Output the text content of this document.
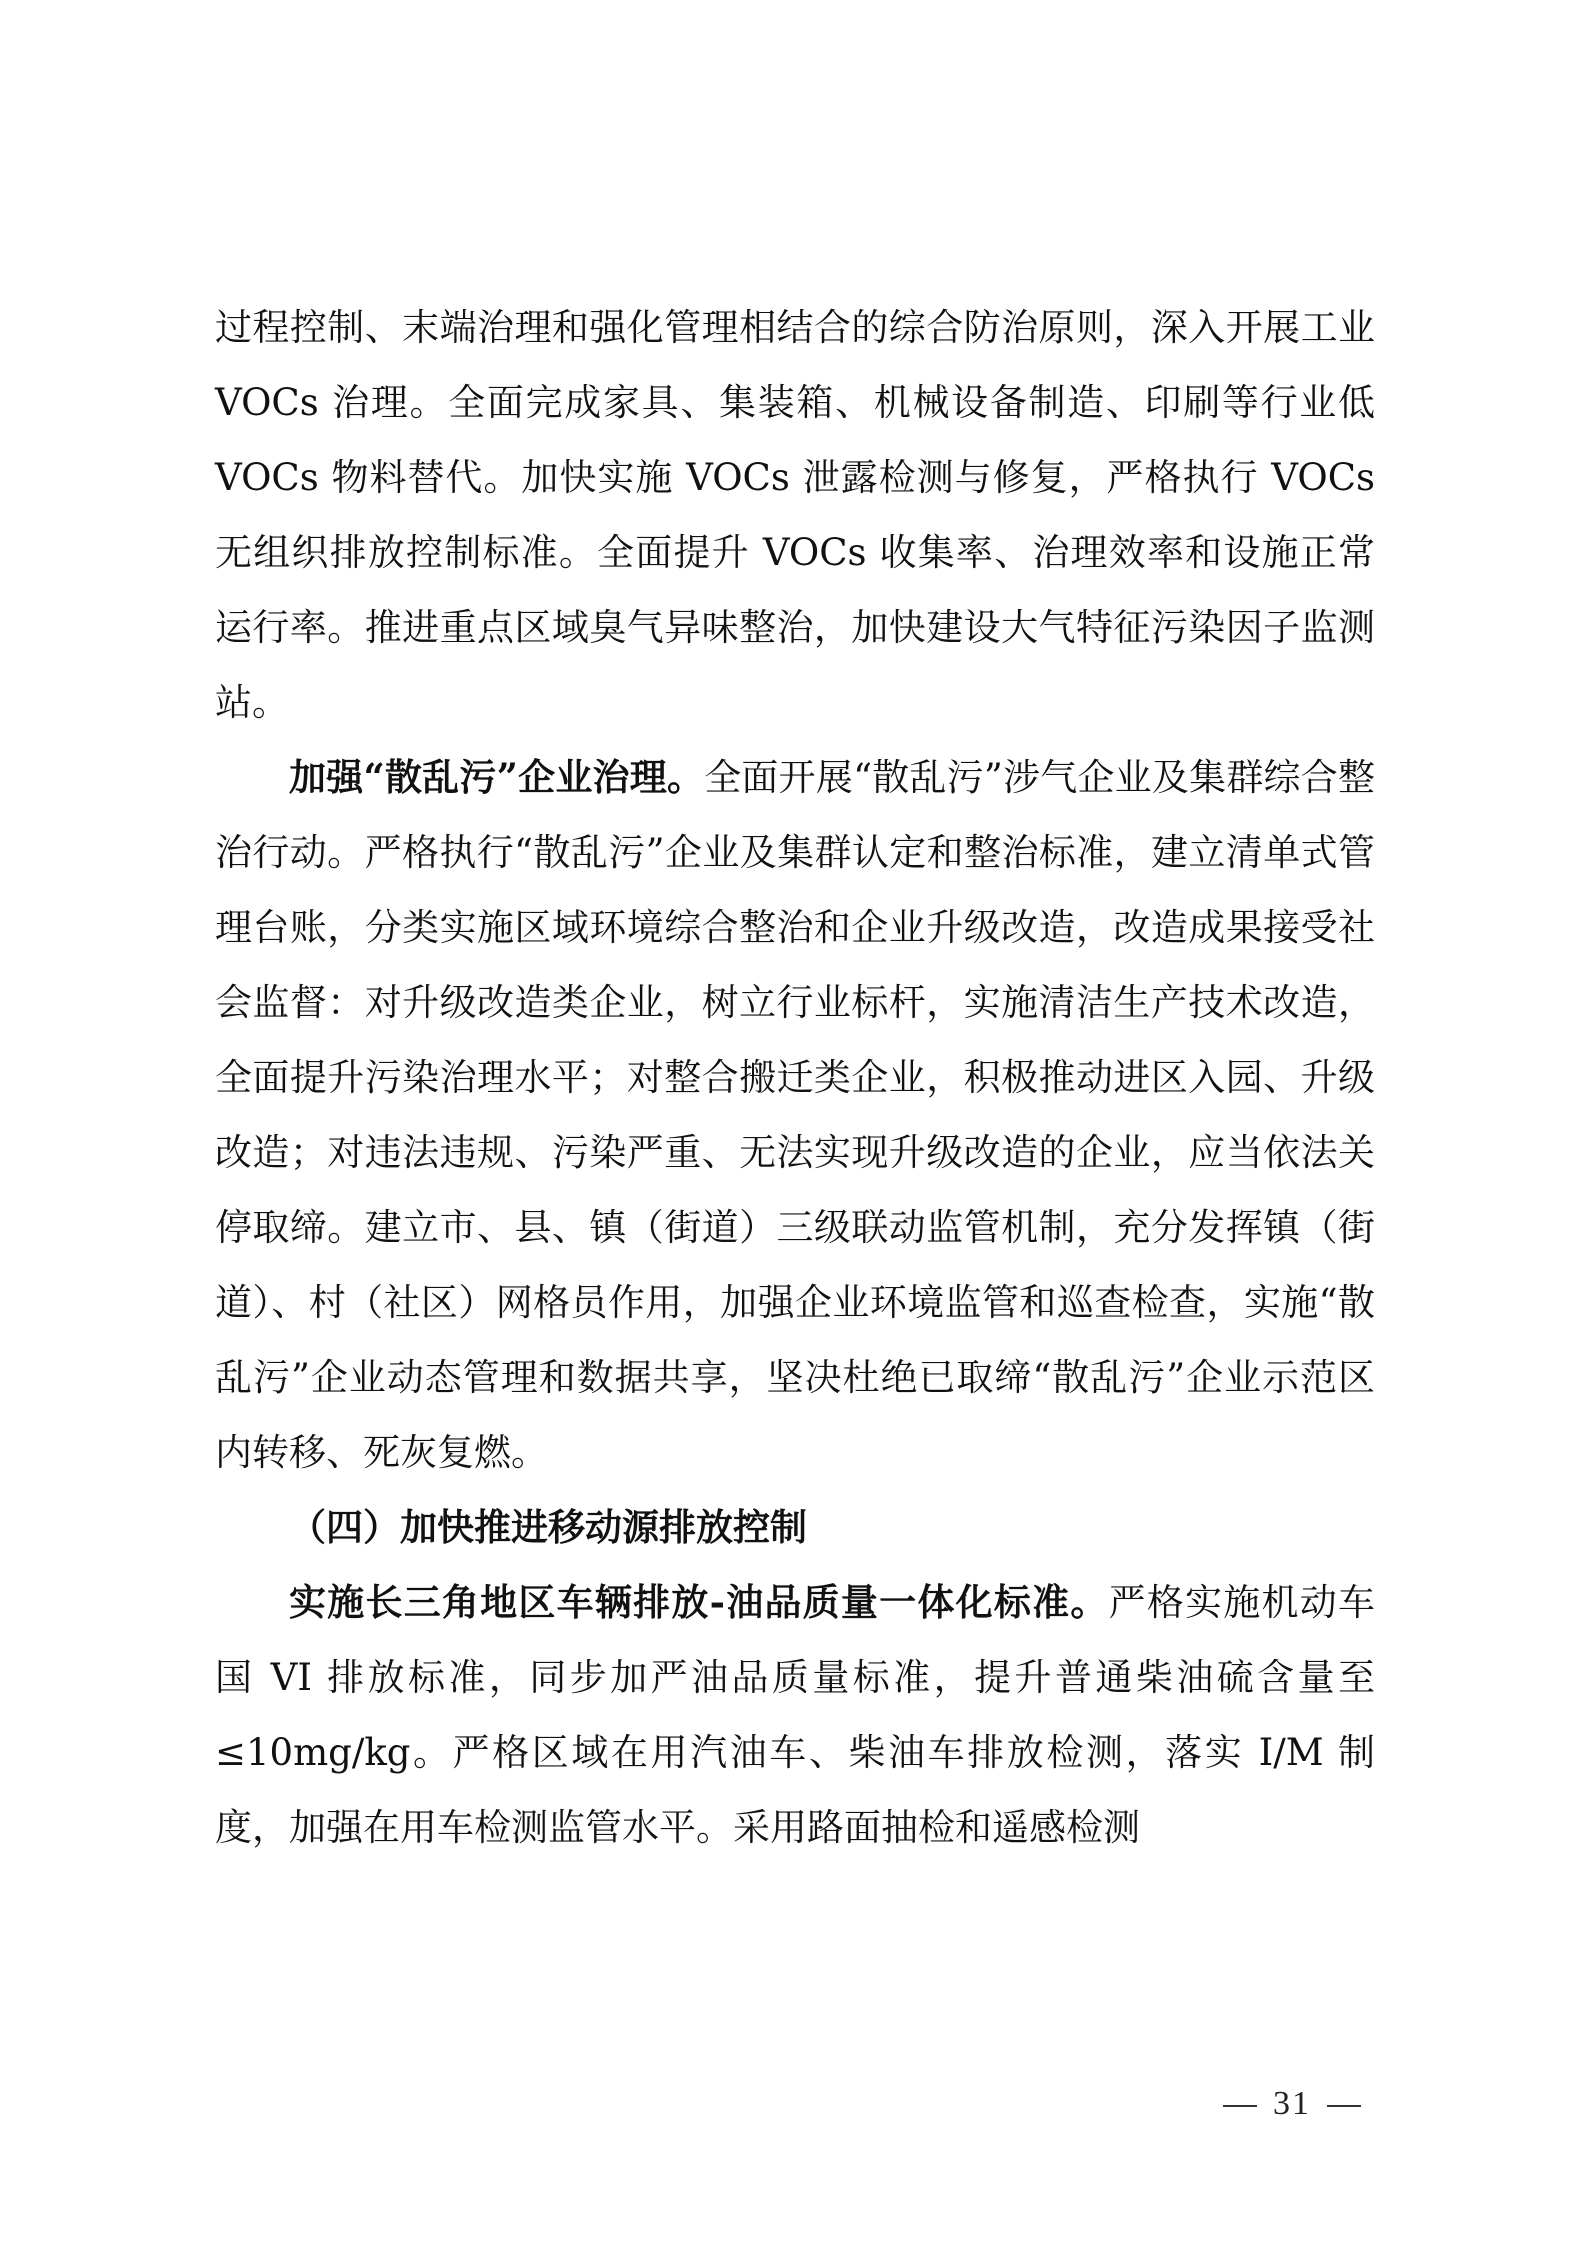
过程控制、末端治理和强化管理相结合的综合防治原则，深入开展工业 VOCs 治理。全面完成家具、集装箱、机械设备制造、印刷等行业低 VOCs 物料替代。加快实施 VOCs 泄露检测与修复，严格执行 VOCs 无组织排放控制标准。全面提升 VOCs 收集率、治理效率和设施正常运行率。推进重点区域臭气异味整治，加快建设大气特征污染因子监测站。

加强“散乱污”企业治理。全面开展“散乱污”涉气企业及集群综合整治行动。严格执行“散乱污”企业及集群认定和整治标准，建立清单式管理台账，分类实施区域环境综合整治和企业升级改造，改造成果接受社会监督：对升级改造类企业，树立行业标杆，实施清洁生产技术改造，全面提升污染治理水平；对整合搬迁类企业，积极推动进区入园、升级改造；对违法违规、污染严重、无法实现升级改造的企业，应当依法关停取缔。建立市、县、镇（街道）三级联动监管机制，充分发挥镇（街道）、村（社区）网格员作用，加强企业环境监管和巡查检查，实施“散乱污”企业动态管理和数据共享，坚决杜绝已取缔“散乱污”企业示范区内转移、死灰复燃。

（四）加快推进移动源排放控制

实施长三角地区车辆排放-油品质量一体化标准。严格实施机动车国 VI 排放标准，同步加严油品质量标准，提升普通柴油硫含量至≤10mg/kg。严格区域在用汽油车、柴油车排放检测，落实 I/M 制度，加强在用车检测监管水平。采用路面抽检和遥感检测

31
